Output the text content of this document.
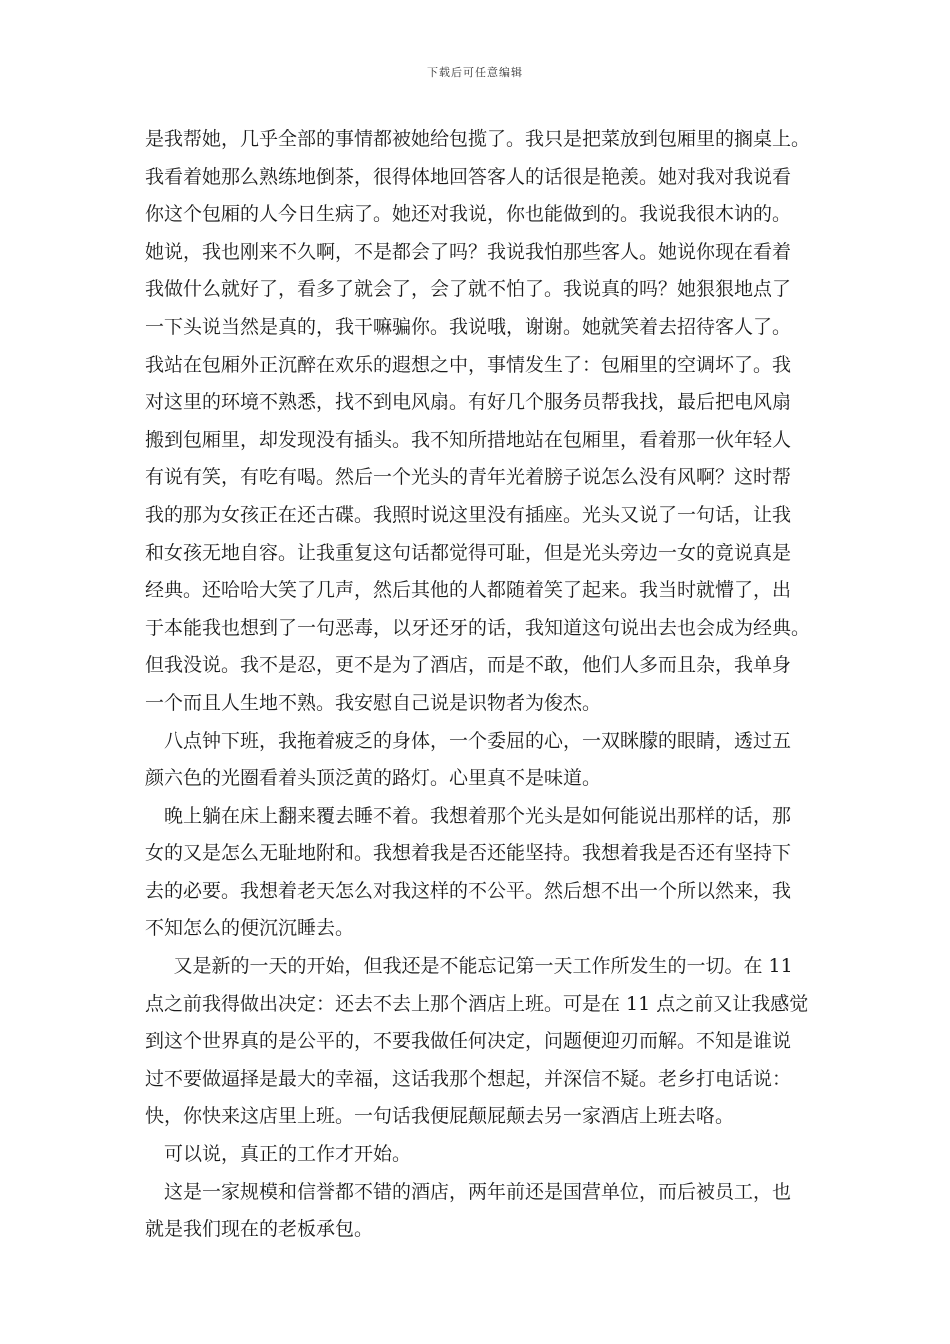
下载后可任意编辑
是我帮她，几乎全部的事情都被她给包揽了。我只是把菜放到包厢里的搁桌上。
我看着她那么熟练地倒茶，很得体地回答客人的话很是艳羡。她对我对我说看
你这个包厢的人今日生病了。她还对我说，你也能做到的。我说我很木讷的。
她说，我也刚来不久啊，不是都会了吗？我说我怕那些客人。她说你现在看着
我做什么就好了，看多了就会了，会了就不怕了。我说真的吗？她狠狠地点了
一下头说当然是真的，我干嘛骗你。我说哦，谢谢。她就笑着去招待客人了。
我站在包厢外正沉醉在欢乐的遐想之中，事情发生了：包厢里的空调坏了。我
对这里的环境不熟悉，找不到电风扇。有好几个服务员帮我找，最后把电风扇
搬到包厢里，却发现没有插头。我不知所措地站在包厢里，看着那一伙年轻人
有说有笑，有吃有喝。然后一个光头的青年光着膀子说怎么没有风啊？这时帮
我的那为女孩正在还古碟。我照时说这里没有插座。光头又说了一句话，让我
和女孩无地自容。让我重复这句话都觉得可耻，但是光头旁边一女的竟说真是
经典。还哈哈大笑了几声，然后其他的人都随着笑了起来。我当时就懵了，出
于本能我也想到了一句恶毒，以牙还牙的话，我知道这句说出去也会成为经典。
但我没说。我不是忍，更不是为了酒店，而是不敢，他们人多而且杂，我单身
一个而且人生地不熟。我安慰自己说是识物者为俊杰。
八点钟下班，我拖着疲乏的身体，一个委屈的心，一双眯朦的眼睛，透过五
颜六色的光圈看着头顶泛黄的路灯。心里真不是味道。
晚上躺在床上翻来覆去睡不着。我想着那个光头是如何能说出那样的话，那
女的又是怎么无耻地附和。我想着我是否还能坚持。我想着我是否还有坚持下
去的必要。我想着老天怎么对我这样的不公平。然后想不出一个所以然来，我
不知怎么的便沉沉睡去。
又是新的一天的开始，但我还是不能忘记第一天工作所发生的一切。在 11
点之前我得做出决定：还去不去上那个酒店上班。可是在 11 点之前又让我感觉
到这个世界真的是公平的，不要我做任何决定，问题便迎刃而解。不知是谁说
过不要做逼择是最大的幸福，这话我那个想起，并深信不疑。老乡打电话说：
快，你快来这店里上班。一句话我便屁颠屁颠去另一家酒店上班去咯。
可以说，真正的工作才开始。
这是一家规模和信誉都不错的酒店，两年前还是国营单位，而后被员工，也
就是我们现在的老板承包。
